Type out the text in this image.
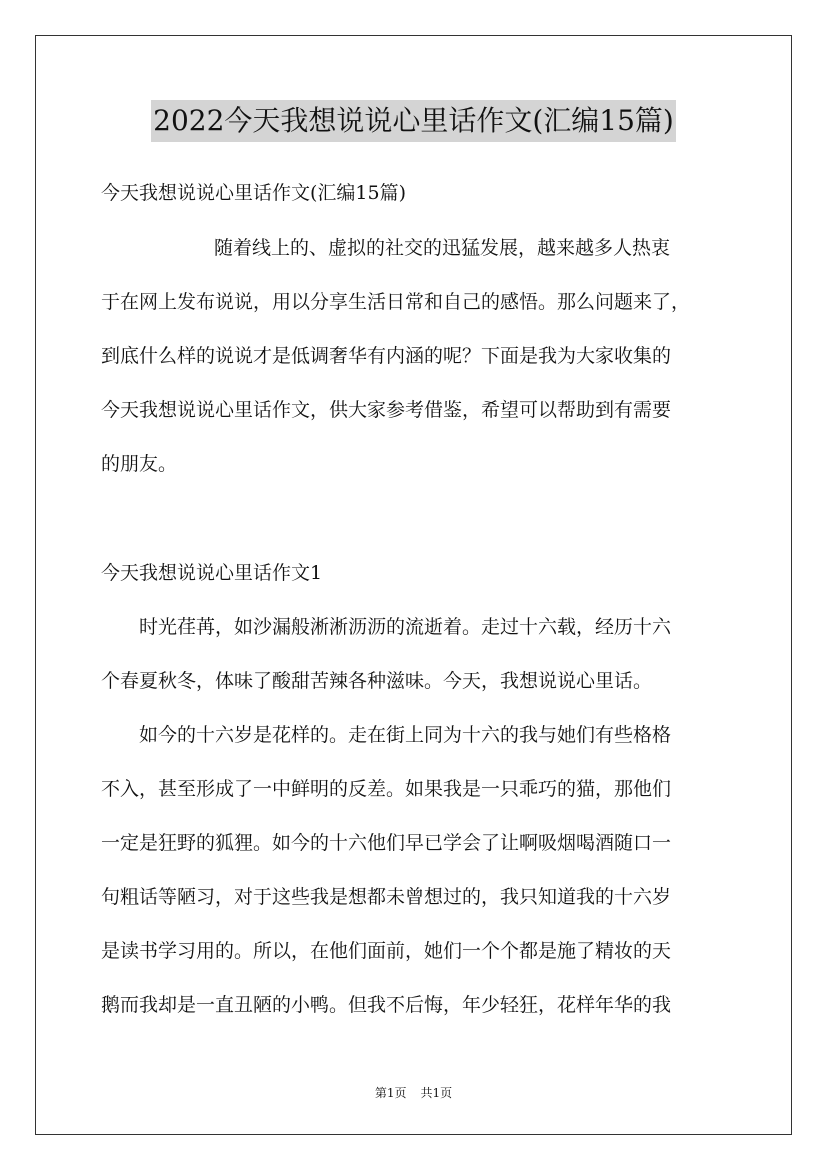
2022今天我想说说心里话作文(汇编15篇)
今天我想说说心里话作文(汇编15篇)
随着线上的、虚拟的社交的迅猛发展，越来越多人热衷
于在网上发布说说，用以分享生活日常和自己的感悟。那么问题来了，
到底什么样的说说才是低调奢华有内涵的呢？下面是我为大家收集的
今天我想说说心里话作文，供大家参考借鉴，希望可以帮助到有需要
的朋友。
今天我想说说心里话作文1
时光荏苒，如沙漏般淅淅沥沥的流逝着。走过十六载，经历十六
个春夏秋冬，体味了酸甜苦辣各种滋味。今天，我想说说心里话。
如今的十六岁是花样的。走在街上同为十六的我与她们有些格格
不入，甚至形成了一中鲜明的反差。如果我是一只乖巧的猫，那他们
一定是狂野的狐狸。如今的十六他们早已学会了让啊吸烟喝酒随口一
句粗话等陋习，对于这些我是想都未曾想过的，我只知道我的十六岁
是读书学习用的。所以，在他们面前，她们一个个都是施了精妆的天
鹅而我却是一直丑陋的小鸭。但我不后悔，年少轻狂，花样年华的我
第1页 共1页
